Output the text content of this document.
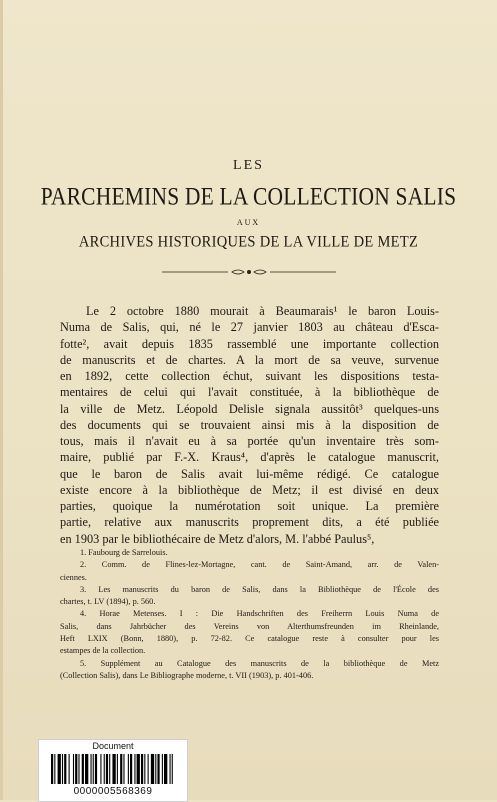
LES
PARCHEMINS DE LA COLLECTION SALIS
AUX
ARCHIVES HISTORIQUES DE LA VILLE DE METZ
Le 2 octobre 1880 mourait à Beaumarais¹ le baron Louis-
Numa de Salis, qui, né le 27 janvier 1803 au château d'Esca-
fotte², avait depuis 1835 rassemblé une importante collection
de manuscrits et de chartes. A la mort de sa veuve, survenue
en 1892, cette collection échut, suivant les dispositions testa-
mentaires de celui qui l'avait constituée, à la bibliothèque de
la ville de Metz. Léopold Delisle signala aussitôt³ quelques-uns
des documents qui se trouvaient ainsi mis à la disposition de
tous, mais il n'avait eu à sa portée qu'un inventaire très som-
maire, publié par F.-X. Kraus⁴, d'après le catalogue manuscrit,
que le baron de Salis avait lui-même rédigé. Ce catalogue
existe encore à la bibliothèque de Metz; il est divisé en deux
parties, quoique la numérotation soit unique. La première
partie, relative aux manuscrits proprement dits, a été publiée
en 1903 par le bibliothécaire de Metz d'alors, M. l'abbé Paulus⁵,
1. Faubourg de Sarrelouis.
2. Comm. de Flines-lez-Mortagne, cant. de Saint-Amand, arr. de Valen-
ciennes.
3. Les manuscrits du baron de Salis, dans la Bibliothèque de l'École des
chartes, t. LV (1894), p. 560.
4. Horae Metenses. I : Die Handschriften des Freiherrn Louis Numa de
Salis, dans Jahrbücher des Vereins von Alterthumsfreunden im Rheinlande,
Heft LXIX (Bonn, 1880), p. 72-82. Ce catalogue reste à consulter pour les
estampes de la collection.
5. Supplément au Catalogue des manuscrits de la bibliothèque de Metz
(Collection Salis), dans Le Bibliographe moderne, t. VII (1903), p. 401-406.
Document
0000005568369
